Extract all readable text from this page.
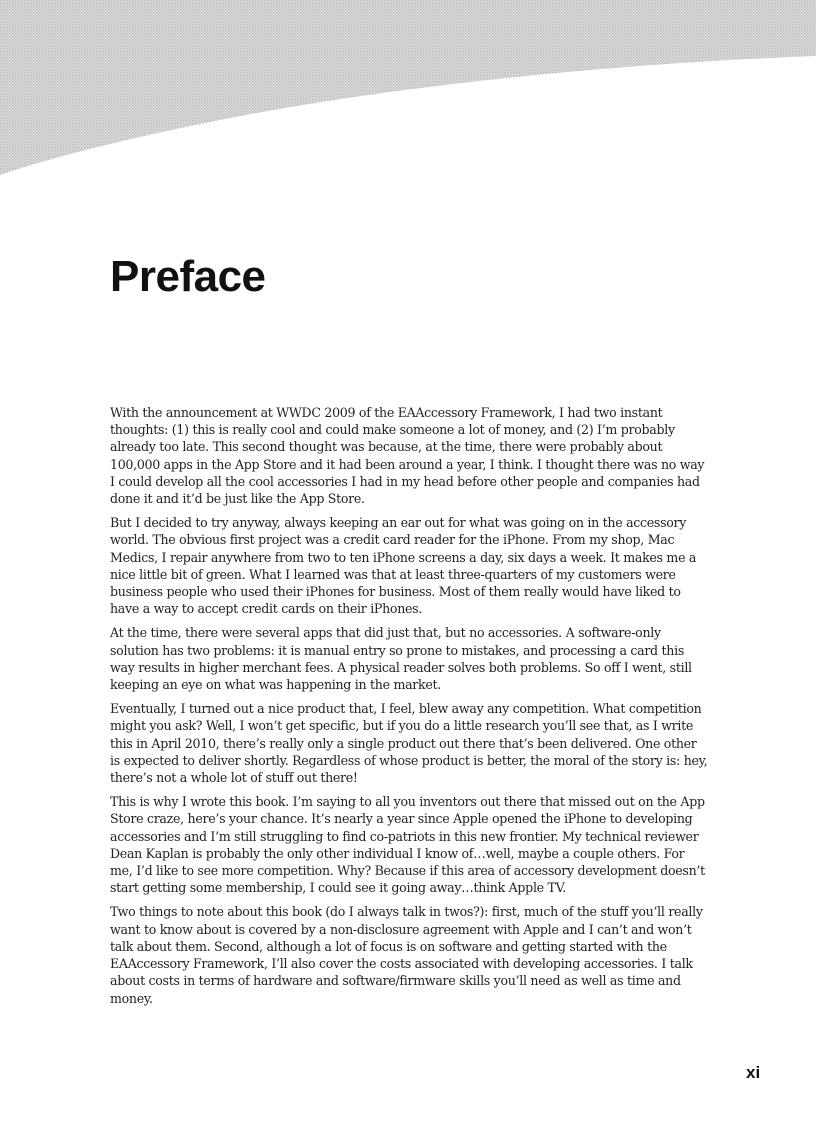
Preface

With the announcement at WWDC 2009 of the EAAccessory Framework, I had two instant thoughts: (1) this is really cool and could make someone a lot of money, and (2) I’m probably already too late. This second thought was because, at the time, there were probably about 100,000 apps in the App Store and it had been around a year, I think. I thought there was no way I could develop all the cool accessories I had in my head before other people and companies had done it and it’d be just like the App Store.

But I decided to try anyway, always keeping an ear out for what was going on in the accessory world. The obvious first project was a credit card reader for the iPhone. From my shop, Mac Medics, I repair anywhere from two to ten iPhone screens a day, six days a week. It makes me a nice little bit of green. What I learned was that at least three-quarters of my customers were business people who used their iPhones for business. Most of them really would have liked to have a way to accept credit cards on their iPhones.

At the time, there were several apps that did just that, but no accessories. A software-only solution has two problems: it is manual entry so prone to mistakes, and processing a card this way results in higher merchant fees. A physical reader solves both problems. So off I went, still keeping an eye on what was happening in the market.

Eventually, I turned out a nice product that, I feel, blew away any competition. What competition might you ask? Well, I won’t get specific, but if you do a little research you’ll see that, as I write this in April 2010, there’s really only a single product out there that’s been delivered. One other is expected to deliver shortly. Regardless of whose product is better, the moral of the story is: hey, there’s not a whole lot of stuff out there!

This is why I wrote this book. I’m saying to all you inventors out there that missed out on the App Store craze, here’s your chance. It’s nearly a year since Apple opened the iPhone to developing accessories and I’m still struggling to find co-patriots in this new frontier. My technical reviewer Dean Kaplan is probably the only other individual I know of…well, maybe a couple others. For me, I’d like to see more competition. Why? Because if this area of accessory development doesn’t start getting some membership, I could see it going away…think Apple TV.

Two things to note about this book (do I always talk in twos?): first, much of the stuff you’ll really want to know about is covered by a non-disclosure agreement with Apple and I can’t and won’t talk about them. Second, although a lot of focus is on software and getting started with the EAAccessory Framework, I’ll also cover the costs associated with developing accessories. I talk about costs in terms of hardware and software/firmware skills you’ll need as well as time and money.

xi
